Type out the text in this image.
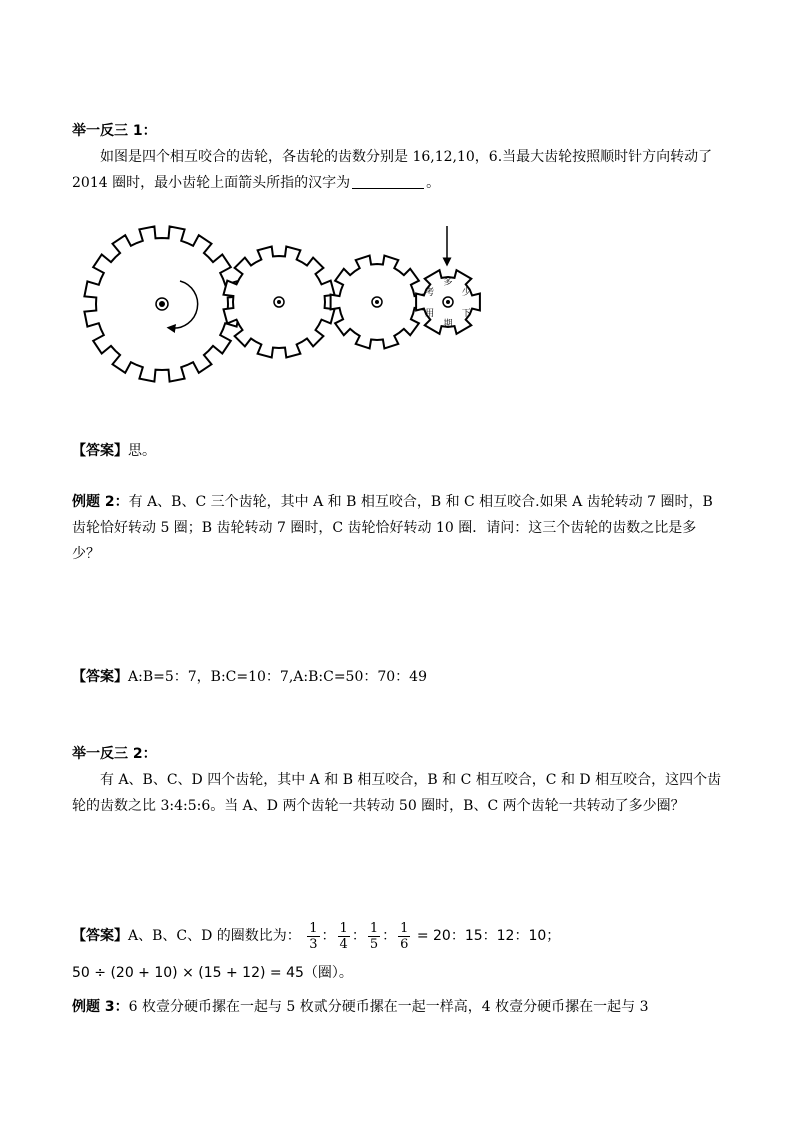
举一反三 1：
如图是四个相互咬合的齿轮，各齿轮的齿数分别是 16,12,10，6.当最大齿轮按照顺时针方向转动了 2014 圈时，最小齿轮上面箭头所指的汉字为	。
多
少
下
期
用
考
【答案】思。
例题 2：有 A、B、C 三个齿轮，其中 A 和 B 相互咬合，B 和 C 相互咬合.如果 A 齿轮转动 7 圈时，B 齿轮恰好转动 5 圈；B 齿轮转动 7 圈时，C 齿轮恰好转动 10 圈．请问：这三个齿轮的齿数之比是多少？
【答案】A:B=5：7，B:C=10：7,A:B:C=50：70：49
举一反三 2：
有 A、B、C、D 四个齿轮，其中 A 和 B 相互咬合，B 和 C 相互咬合，C 和 D 相互咬合，这四个齿轮的齿数之比 3:4:5:6。当 A、D 两个齿轮一共转动 50 圈时，B、C 两个齿轮一共转动了多少圈？
【答案】A、B、C、D 的圈数比为： $\frac{1}{3}$ ： $\frac{1}{4}$ ： $\frac{1}{5}$ ： $\frac{1}{6} = 20$：15：12：10；
50 ÷ (20 + 10) × (15 + 12) = 45（圈）。
例题 3：6 枚壹分硬币摞在一起与 5 枚贰分硬币摞在一起一样高，4 枚壹分硬币摞在一起与 3
